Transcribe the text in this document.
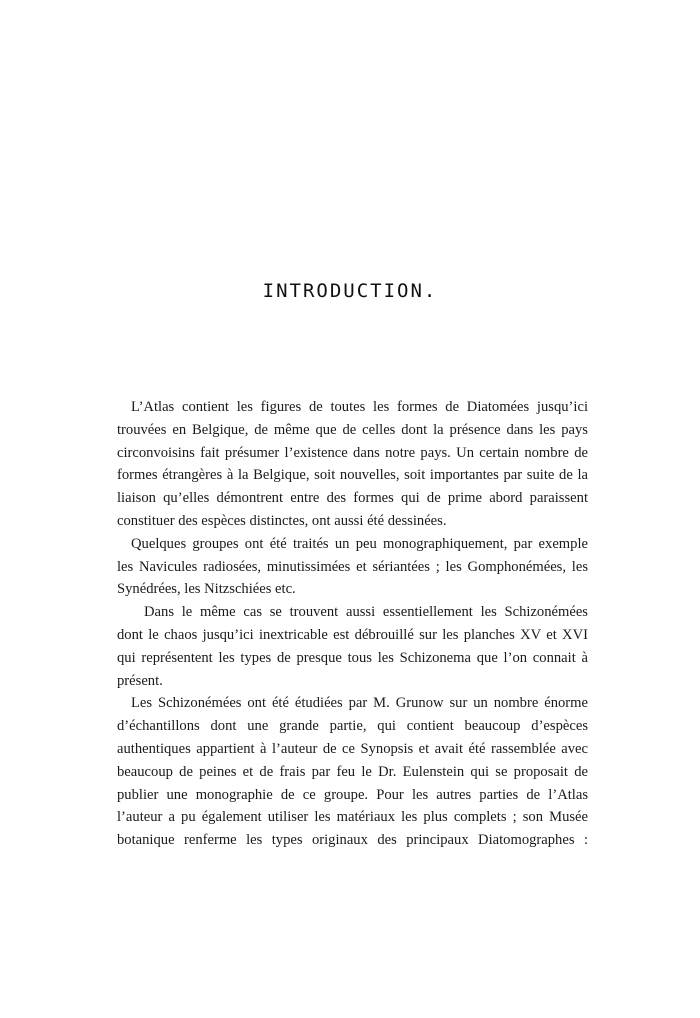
INTRODUCTION.
L’Atlas contient les figures de toutes les formes de Diatomées jusqu’ici
trouvées en Belgique, de même que de celles dont la présence dans les pays
circonvoisins fait présumer l’existence dans notre pays. Un certain nombre de
formes étrangères à la Belgique, soit nouvelles, soit importantes par suite de la
liaison qu’elles démontrent entre des formes qui de prime abord paraissent
constituer des espèces distinctes, ont aussi été dessinées.
Quelques groupes ont été traités un peu monographiquement, par exemple
les Navicules radiosées, minutissimées et sériantées ; les Gomphonémées, les
Synédrées, les Nitzschiées etc.
Dans le même cas se trouvent aussi essentiellement les Schizonémées
dont le chaos jusqu’ici inextricable est débrouillé sur les planches XV et XVI
qui représentent les types de presque tous les Schizonema que l’on connait à
présent.
Les Schizonémées ont été étudiées par M. Grunow sur un nombre énorme
d’échantillons dont une grande partie, qui contient beaucoup d’espèces
authentiques appartient à l’auteur de ce Synopsis et avait été rassemblée avec
beaucoup de peines et de frais par feu le Dr. Eulenstein qui se proposait de
publier une monographie de ce groupe. Pour les autres parties de l’Atlas
l’auteur a pu également utiliser les matériaux les plus complets ; son Musée
botanique renferme les types originaux des principaux Diatomographes :
